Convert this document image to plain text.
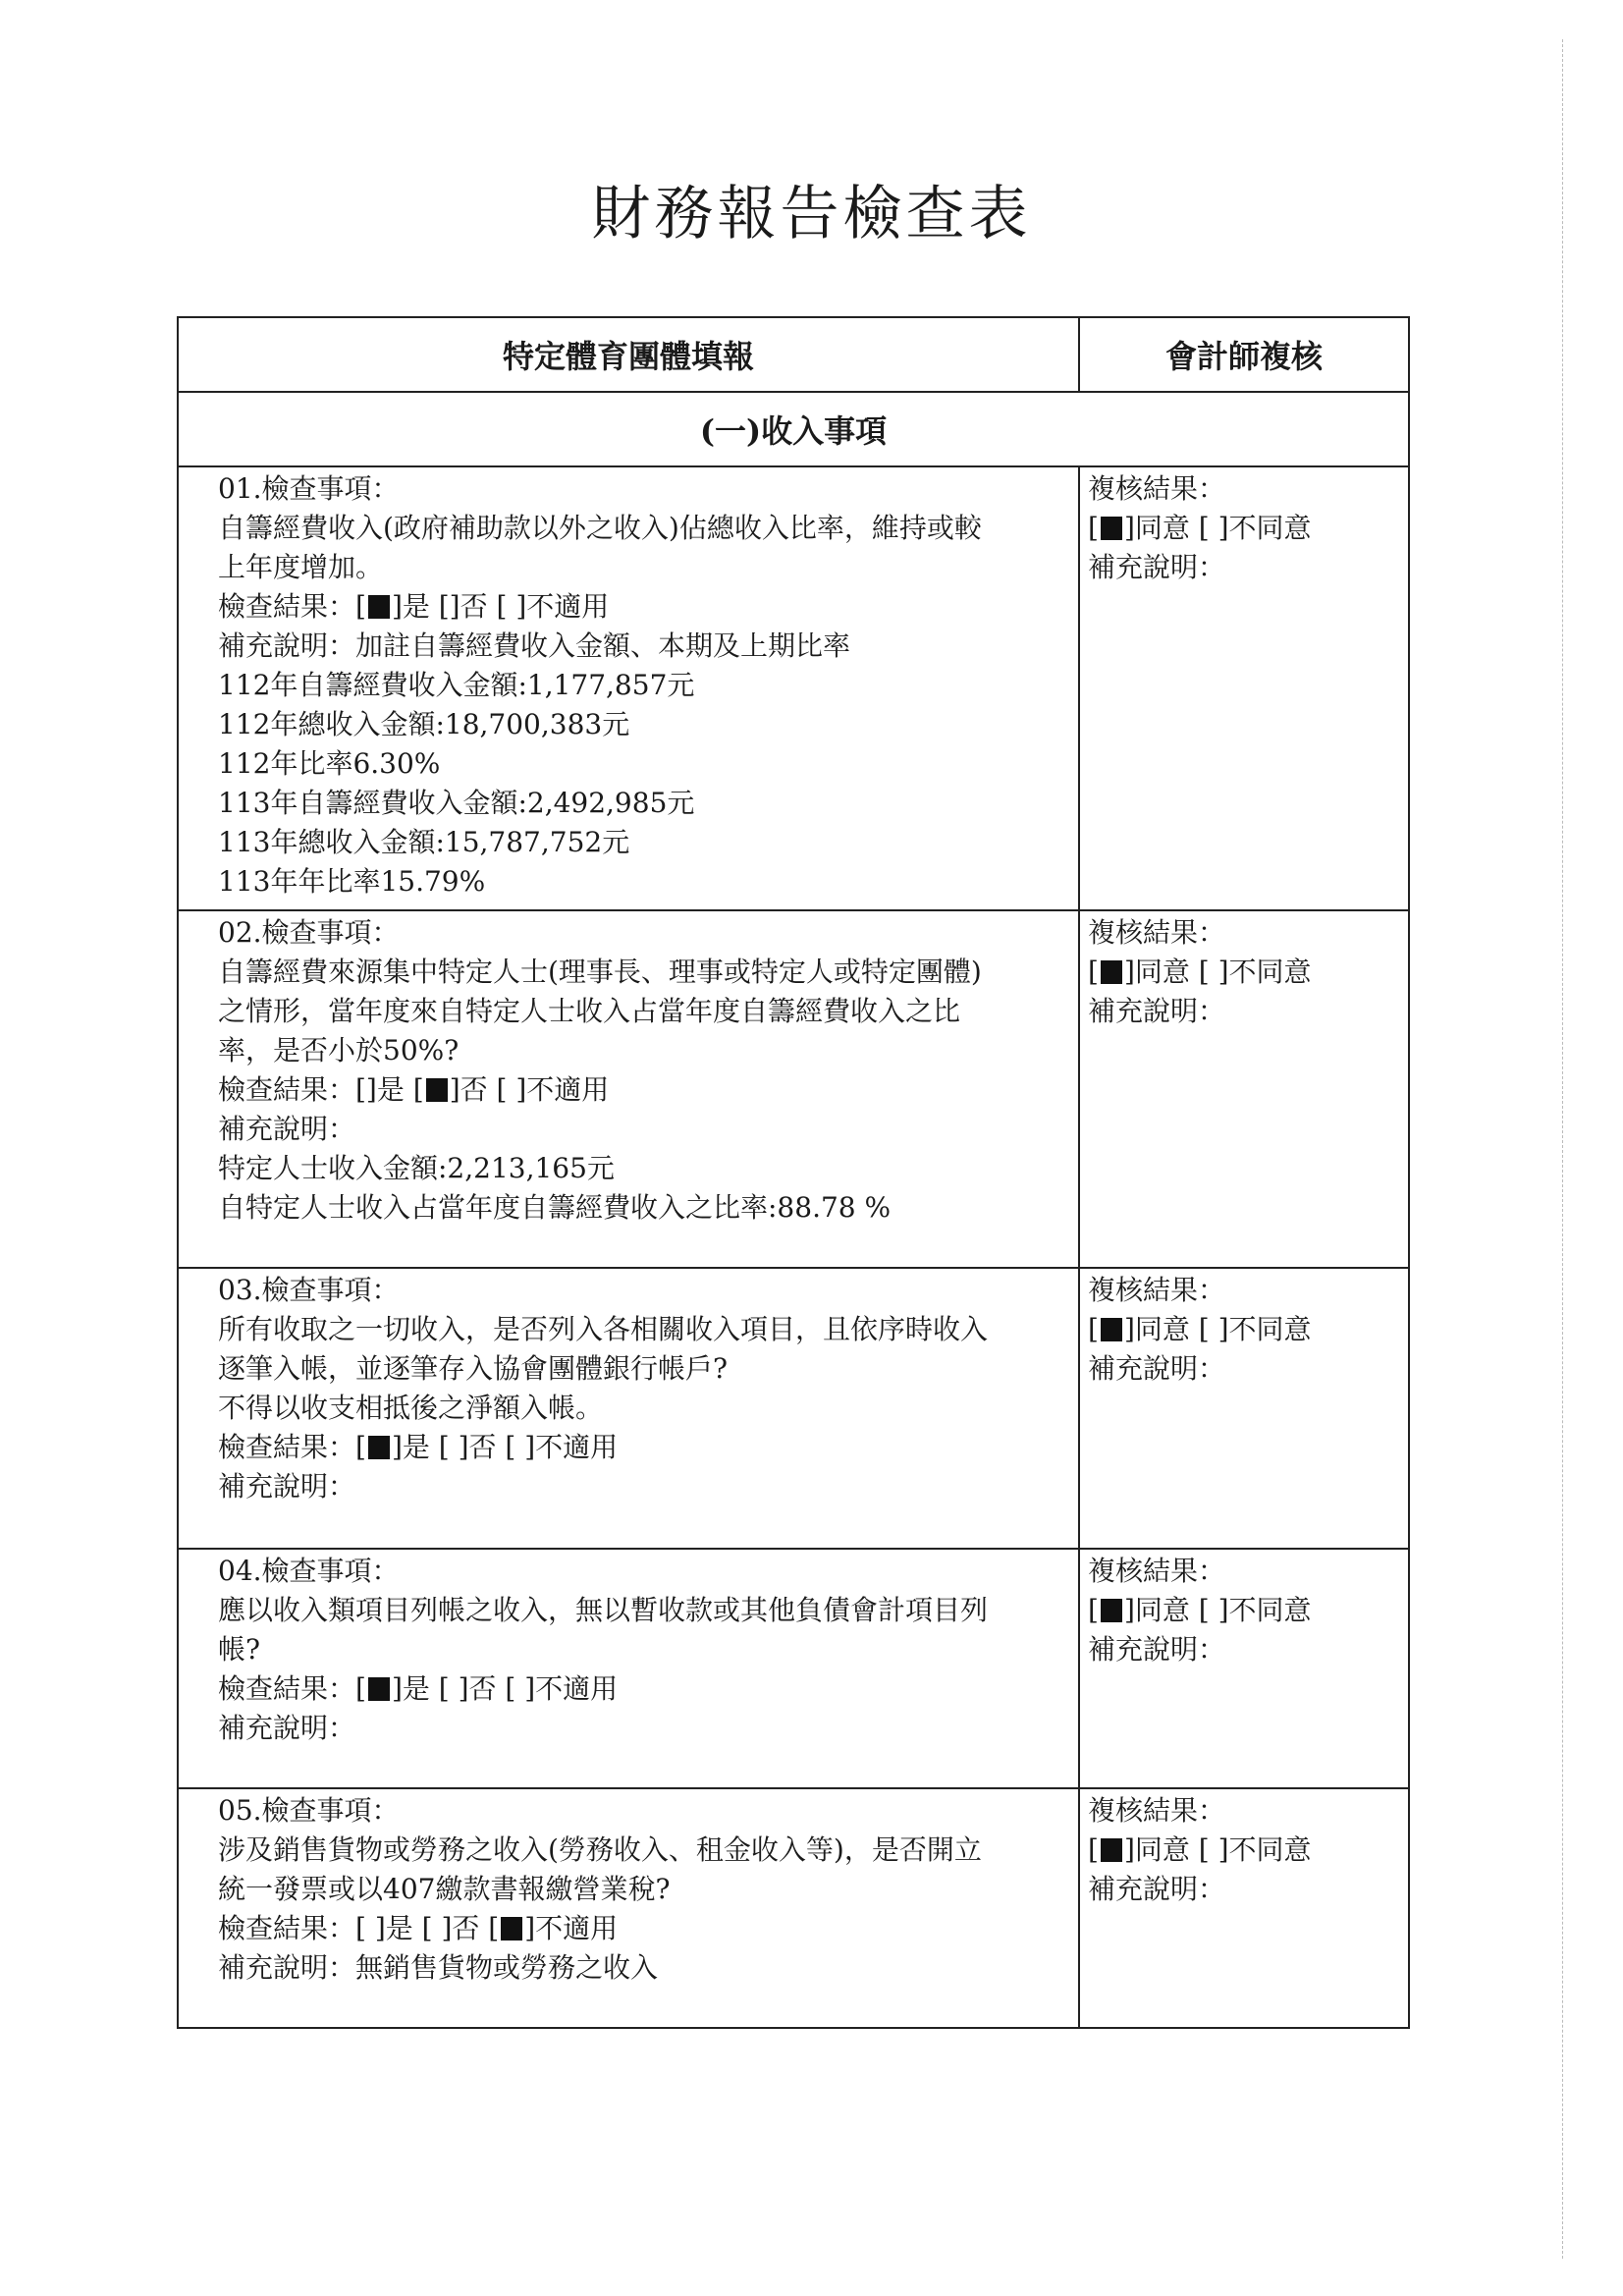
財務報告檢查表
特定體育團體填報	會計師複核
(一)收入事項
01.檢查事項：
自籌經費收入(政府補助款以外之收入)佔總收入比率，維持或較
上年度增加。
檢查結果：[ ]是 []否 [ ]不適用
補充說明：加註自籌經費收入金額、本期及上期比率
112年自籌經費收入金額:1,177,857元
112年總收入金額:18,700,383元
112年比率6.30%
113年自籌經費收入金額:2,492,985元
113年總收入金額:15,787,752元
113年年比率15.79%
複核結果：
[ ]同意 [ ]不同意
補充說明：
02.檢查事項：
自籌經費來源集中特定人士(理事長、理事或特定人或特定團體)
之情形，當年度來自特定人士收入占當年度自籌經費收入之比
率，是否小於50%?
檢查結果：[]是 [ ]否 [ ]不適用
補充說明：
特定人士收入金額:2,213,165元
自特定人士收入占當年度自籌經費收入之比率:88.78 %
複核結果：
[ ]同意 [ ]不同意
補充說明：
03.檢查事項：
所有收取之一切收入，是否列入各相關收入項目，且依序時收入
逐筆入帳，並逐筆存入協會團體銀行帳戶?
不得以收支相抵後之淨額入帳。
檢查結果：[ ]是 [ ]否 [ ]不適用
補充說明：
複核結果：
[ ]同意 [ ]不同意
補充說明：
04.檢查事項：
應以收入類項目列帳之收入，無以暫收款或其他負債會計項目列
帳?
檢查結果：[ ]是 [ ]否 [ ]不適用
補充說明：
複核結果：
[ ]同意 [ ]不同意
補充說明：
05.檢查事項：
涉及銷售貨物或勞務之收入(勞務收入、租金收入等)，是否開立
統一發票或以407繳款書報繳營業稅?
檢查結果：[ ]是 [ ]否 [ ]不適用
補充說明：無銷售貨物或勞務之收入
複核結果：
[ ]同意 [ ]不同意
補充說明：
